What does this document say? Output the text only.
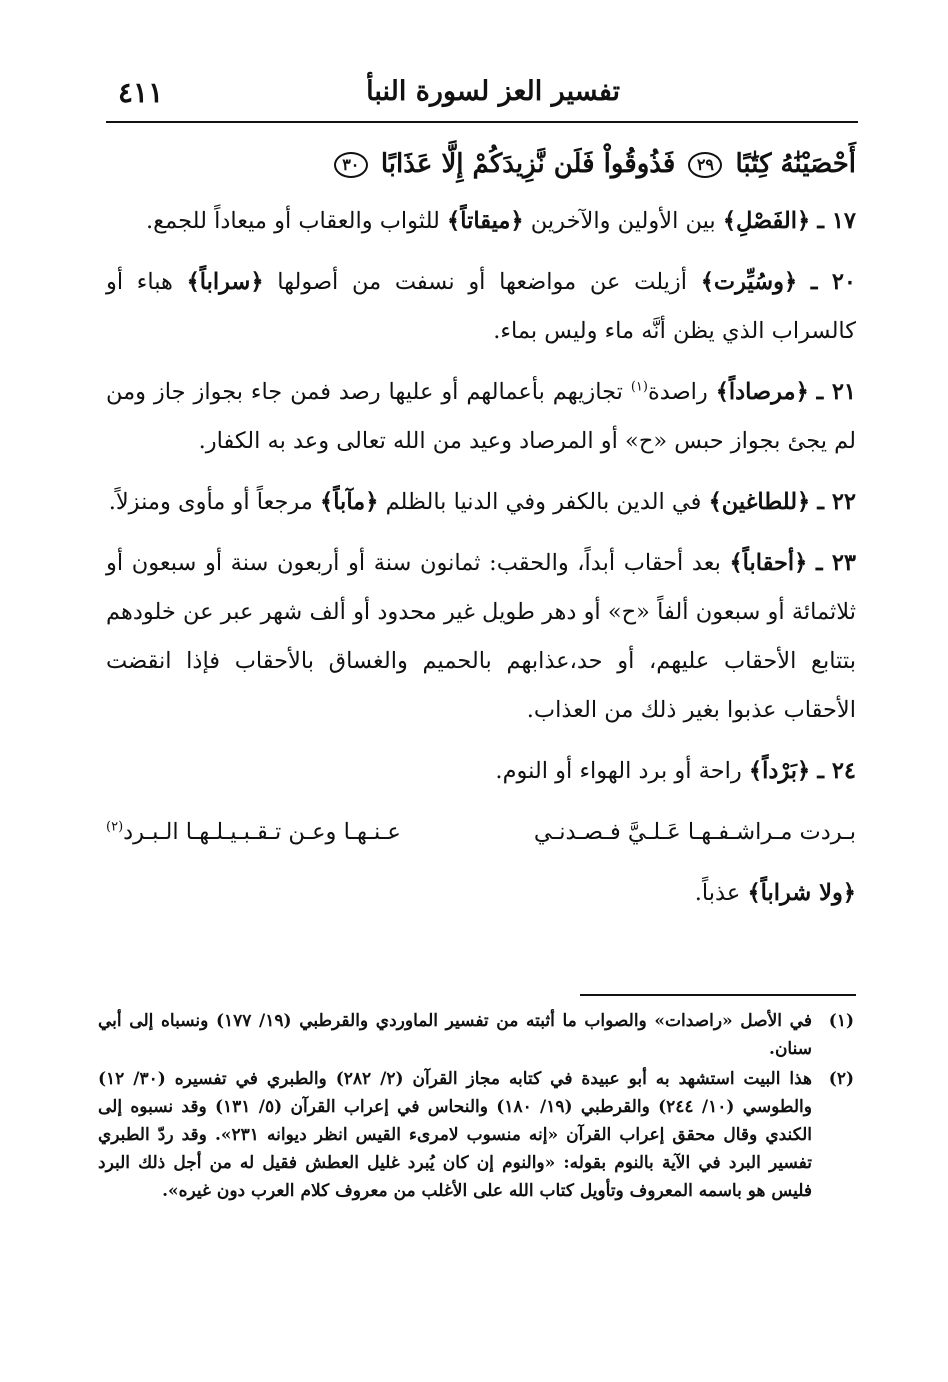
تفسير العز لسورة النبأ
٤١١

أَحْصَيْنَٰهُ كِتَٰبًا ٢٩ فَذُوقُواْ فَلَن نَّزِيدَكُمْ إِلَّا عَذَابًا ٣٠

١٧ ـ ﴿الفَصْلِ﴾ بين الأولين والآخرين ﴿ميقاتاً﴾ للثواب والعقاب أو ميعاداً للجمع.

٢٠ ـ ﴿وسُيِّرت﴾ أزيلت عن مواضعها أو نسفت من أصولها ﴿سراباً﴾ هباء أو كالسراب الذي يظن أنَّه ماء وليس بماء.

٢١ ـ ﴿مرصاداً﴾ راصدة$^{(١)}$ تجازيهم بأعمالهم أو عليها رصد فمن جاء بجواز جاز ومن لم يجئ بجواز حبس «ح» أو المرصاد وعيد من الله تعالى وعد به الكفار.

٢٢ ـ ﴿للطاغين﴾ في الدين بالكفر وفي الدنيا بالظلم ﴿مآباً﴾ مرجعاً أو مأوى ومنزلاً.

٢٣ ـ ﴿أحقاباً﴾ بعد أحقاب أبداً، والحقب: ثمانون سنة أو أربعون سنة أو سبعون أو ثلاثمائة أو سبعون ألفاً «ح» أو دهر طويل غير محدود أو ألف شهر عبر عن خلودهم بتتابع الأحقاب عليهم، أو حد،عذابهم بالحميم والغساق بالأحقاب فإذا انقضت الأحقاب عذبوا بغير ذلك من العذاب.

٢٤ ـ ﴿بَرْداً﴾ راحة أو برد الهواء أو النوم.

بـردت مـراشـفـهـا عَـلـيَّ فـصـدنـي
عـنـهـا وعـن تـقـبـيـلـهـا الـبـرد$^{(٢)}$

﴿ولا شراباً﴾ عذباً.

(١)
في الأصل «راصدات» والصواب ما أثبته من تفسير الماوردي والقرطبي (١٩/ ١٧٧) ونسباه إلى أبي سنان.
(٢)
هذا البيت استشهد به أبو عبيدة في كتابه مجاز القرآن (٢/ ٢٨٢) والطبري في تفسيره (٣٠/ ١٢) والطوسي (١٠/ ٢٤٤) والقرطبي (١٩/ ١٨٠) والنحاس في إعراب القرآن (٥/ ١٣١) وقد نسبوه إلى الكندي وقال محقق إعراب القرآن «إنه منسوب لامرىء القيس انظر ديوانه ٢٣١». وقد ردّ الطبري تفسير البرد في الآية بالنوم بقوله: «والنوم إن كان يُبرد غليل العطش فقيل له من أجل ذلك البرد فليس هو باسمه المعروف وتأويل كتاب الله على الأغلب من معروف كلام العرب دون غيره».
